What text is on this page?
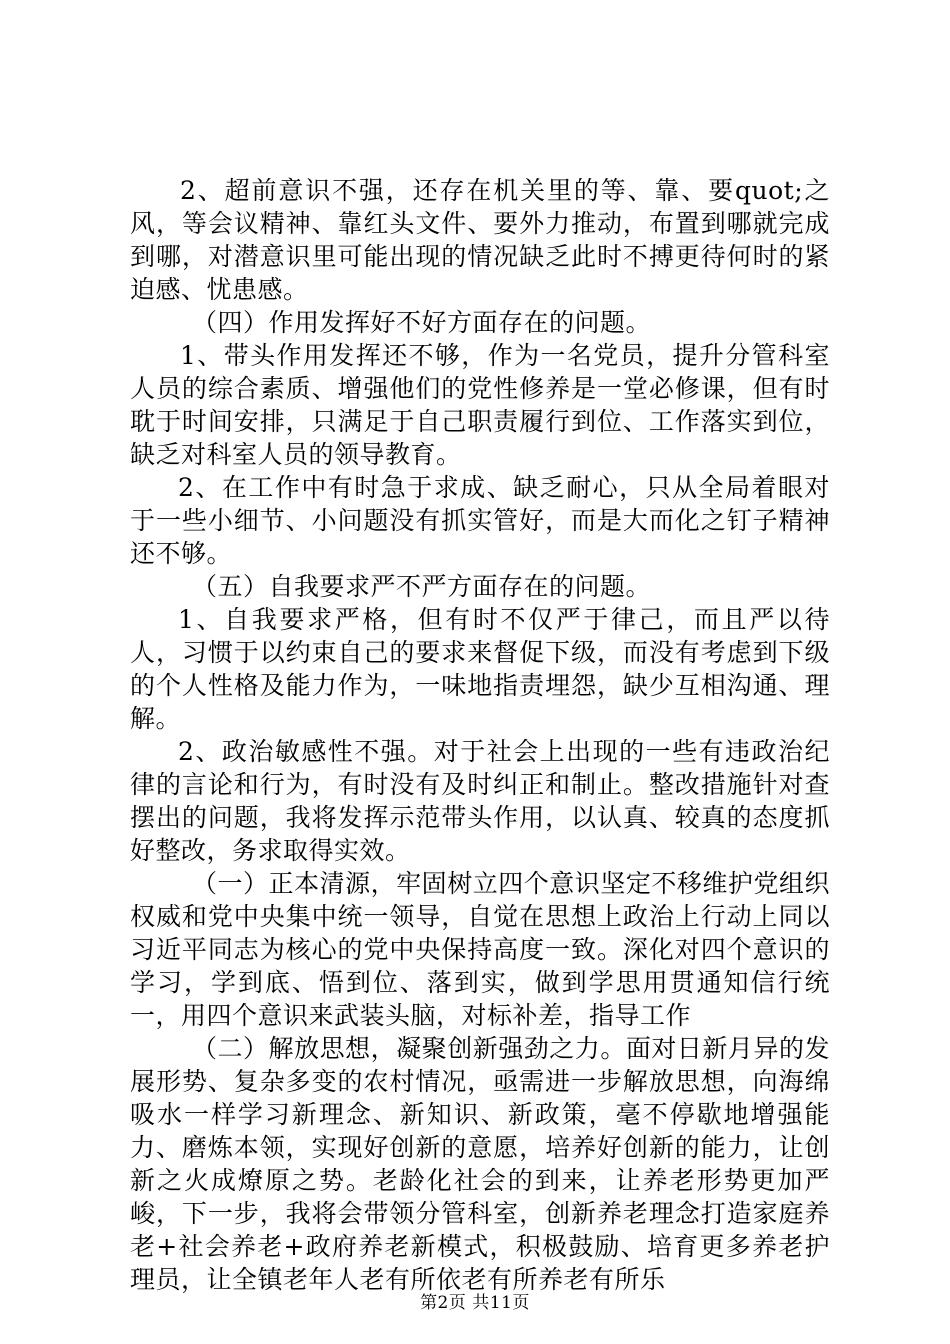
2、超前意识不强，还存在机关里的等、靠、要quot;之风，等会议精神、靠红头文件、要外力推动，布置到哪就完成到哪，对潜意识里可能出现的情况缺乏此时不搏更待何时的紧迫感、忧患感。

（四）作用发挥好不好方面存在的问题。

1、带头作用发挥还不够，作为一名党员，提升分管科室人员的综合素质、增强他们的党性修养是一堂必修课，但有时耽于时间安排，只满足于自己职责履行到位、工作落实到位，缺乏对科室人员的领导教育。

2、在工作中有时急于求成、缺乏耐心，只从全局着眼对于一些小细节、小问题没有抓实管好，而是大而化之钉子精神还不够。

（五）自我要求严不严方面存在的问题。

1、自我要求严格，但有时不仅严于律己，而且严以待人，习惯于以约束自己的要求来督促下级，而没有考虑到下级的个人性格及能力作为，一味地指责埋怨，缺少互相沟通、理解。

2、政治敏感性不强。对于社会上出现的一些有违政治纪律的言论和行为，有时没有及时纠正和制止。整改措施针对查摆出的问题，我将发挥示范带头作用，以认真、较真的态度抓好整改，务求取得实效。

（一）正本清源，牢固树立四个意识坚定不移维护党组织权威和党中央集中统一领导，自觉在思想上政治上行动上同以习近平同志为核心的党中央保持高度一致。深化对四个意识的学习，学到底、悟到位、落到实，做到学思用贯通知信行统一，用四个意识来武装头脑，对标补差，指导工作

（二）解放思想，凝聚创新强劲之力。面对日新月异的发展形势、复杂多变的农村情况，亟需进一步解放思想，向海绵吸水一样学习新理念、新知识、新政策，毫不停歇地增强能力、磨炼本领，实现好创新的意愿，培养好创新的能力，让创新之火成燎原之势。老龄化社会的到来，让养老形势更加严峻，下一步，我将会带领分管科室，创新养老理念打造家庭养老+社会养老+政府养老新模式，积极鼓励、培育更多养老护理员，让全镇老年人老有所依老有所养老有所乐

第2页 共11页
